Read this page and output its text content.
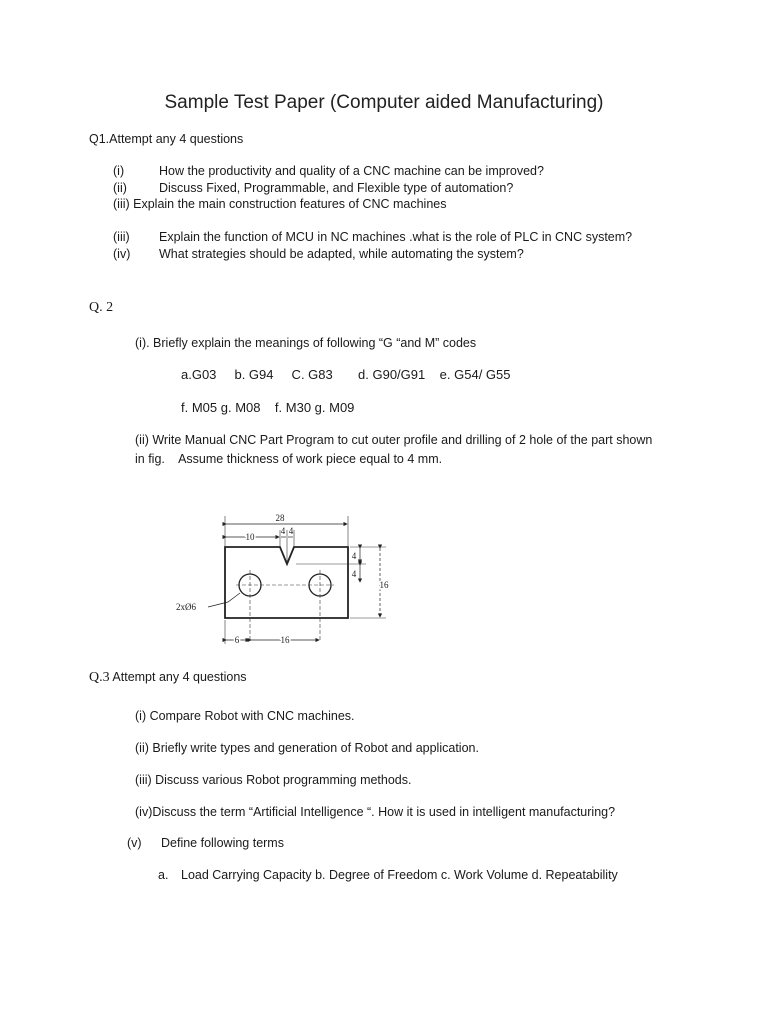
Sample Test Paper (Computer aided Manufacturing)
Q1.Attempt any 4 questions
(i)	How the productivity and quality of a CNC machine can be improved?
(ii)	Discuss Fixed, Programmable, and Flexible type of automation?
(iii) Explain the main construction features of CNC machines
(iii) Explain the function of MCU in NC machines .what is the role of PLC in CNC system?
(iv) What strategies should be adapted, while automating the system?
Q. 2
(i). Briefly explain the meanings of following “G “and M” codes
a.G03     b. G94     C. G83       d. G90/G91    e. G54/ G55
f. M05 g. M08    f. M30 g. M09
(ii) Write Manual CNC Part Program to cut outer profile and drilling of 2 hole of the part shown
in fig.    Assume thickness of work piece equal to 4 mm.
28
10
4 4
4
4
16
6	16
2xØ6
Q.3 Attempt any 4 questions
(i) Compare Robot with CNC machines.
(ii) Briefly write types and generation of Robot and application.
(iii) Discuss various Robot programming methods.
(iv)Discuss the term “Artificial Intelligence “. How it is used in intelligent manufacturing?
(v) Define following terms
a. Load Carrying Capacity b. Degree of Freedom c. Work Volume d. Repeatability
